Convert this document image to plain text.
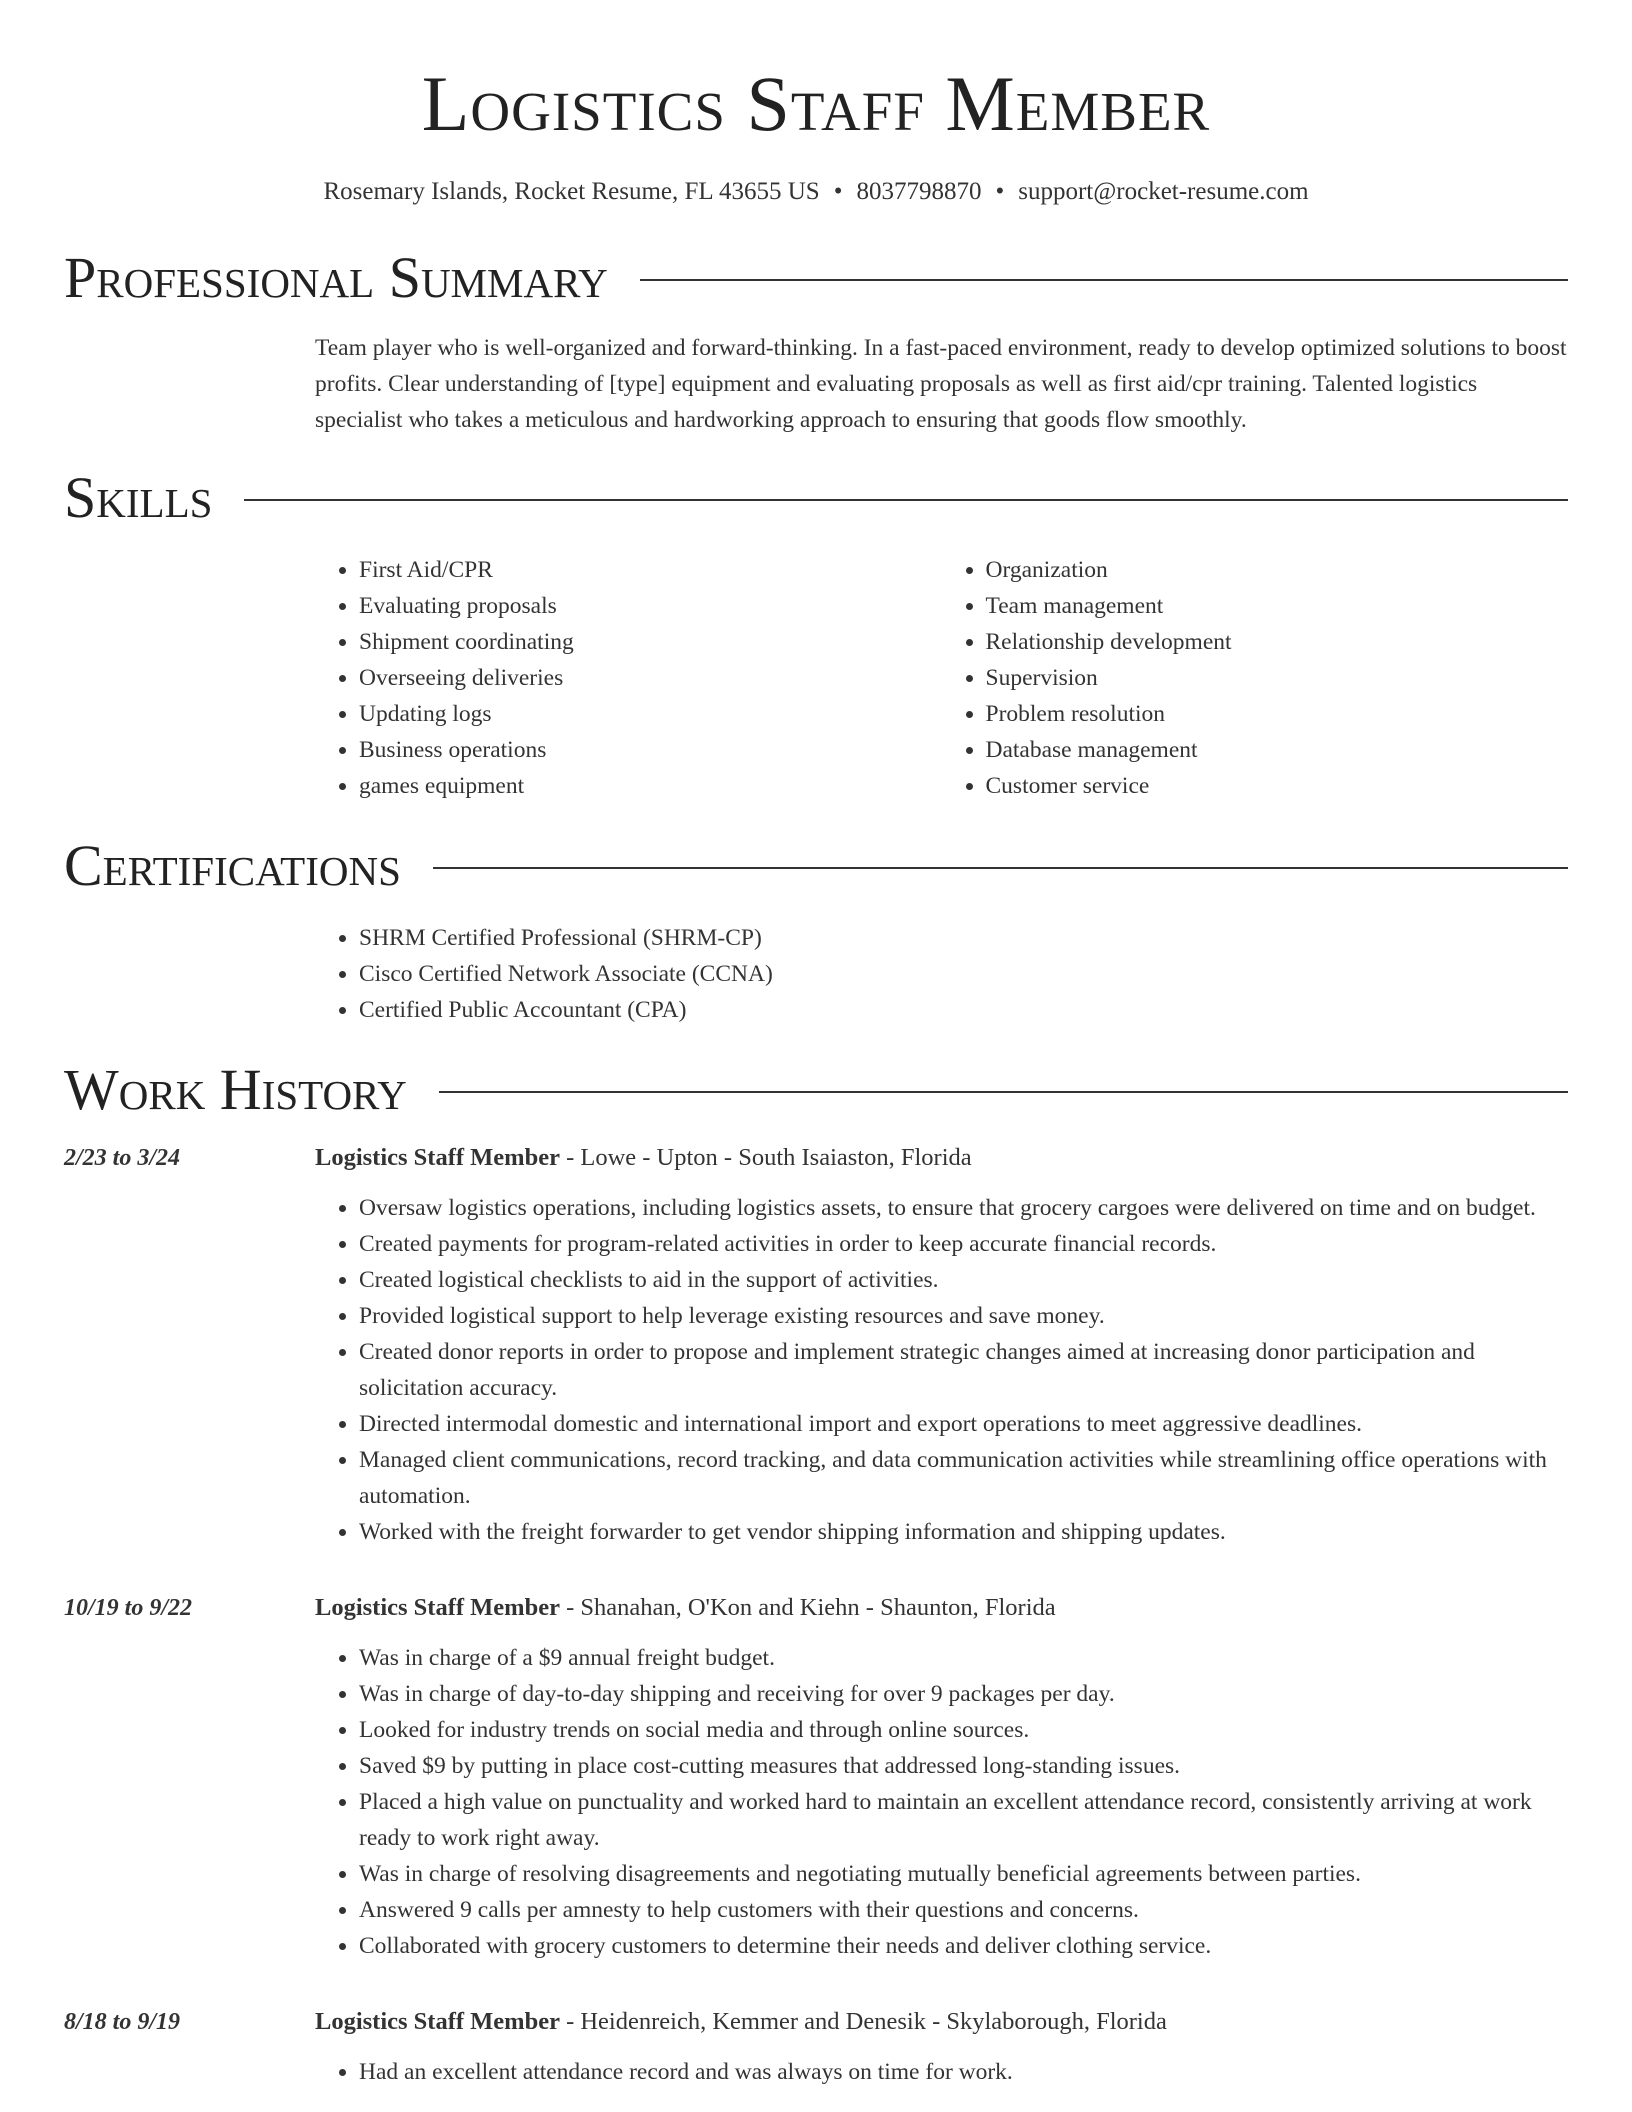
Logistics Staff Member
Rosemary Islands, Rocket Resume, FL 43655 US • 8037798870 • support@rocket-resume.com
Professional Summary
Team player who is well-organized and forward-thinking. In a fast-paced environment, ready to develop optimized solutions to boost profits. Clear understanding of [type] equipment and evaluating proposals as well as first aid/cpr training. Talented logistics specialist who takes a meticulous and hardworking approach to ensuring that goods flow smoothly.
Skills
• First Aid/CPR
• Evaluating proposals
• Shipment coordinating
• Overseeing deliveries
• Updating logs
• Business operations
• games equipment
• Organization
• Team management
• Relationship development
• Supervision
• Problem resolution
• Database management
• Customer service
Certifications
• SHRM Certified Professional (SHRM-CP)
• Cisco Certified Network Associate (CCNA)
• Certified Public Accountant (CPA)
Work History
2/23 to 3/24	Logistics Staff Member - Lowe - Upton - South Isaiaston, Florida
• Oversaw logistics operations, including logistics assets, to ensure that grocery cargoes were delivered on time and on budget.
• Created payments for program-related activities in order to keep accurate financial records.
• Created logistical checklists to aid in the support of activities.
• Provided logistical support to help leverage existing resources and save money.
• Created donor reports in order to propose and implement strategic changes aimed at increasing donor participation and solicitation accuracy.
• Directed intermodal domestic and international import and export operations to meet aggressive deadlines.
• Managed client communications, record tracking, and data communication activities while streamlining office operations with automation.
• Worked with the freight forwarder to get vendor shipping information and shipping updates.
10/19 to 9/22	Logistics Staff Member - Shanahan, O'Kon and Kiehn - Shaunton, Florida
• Was in charge of a $9 annual freight budget.
• Was in charge of day-to-day shipping and receiving for over 9 packages per day.
• Looked for industry trends on social media and through online sources.
• Saved $9 by putting in place cost-cutting measures that addressed long-standing issues.
• Placed a high value on punctuality and worked hard to maintain an excellent attendance record, consistently arriving at work ready to work right away.
• Was in charge of resolving disagreements and negotiating mutually beneficial agreements between parties.
• Answered 9 calls per amnesty to help customers with their questions and concerns.
• Collaborated with grocery customers to determine their needs and deliver clothing service.
8/18 to 9/19	Logistics Staff Member - Heidenreich, Kemmer and Denesik - Skylaborough, Florida
• Had an excellent attendance record and was always on time for work.
